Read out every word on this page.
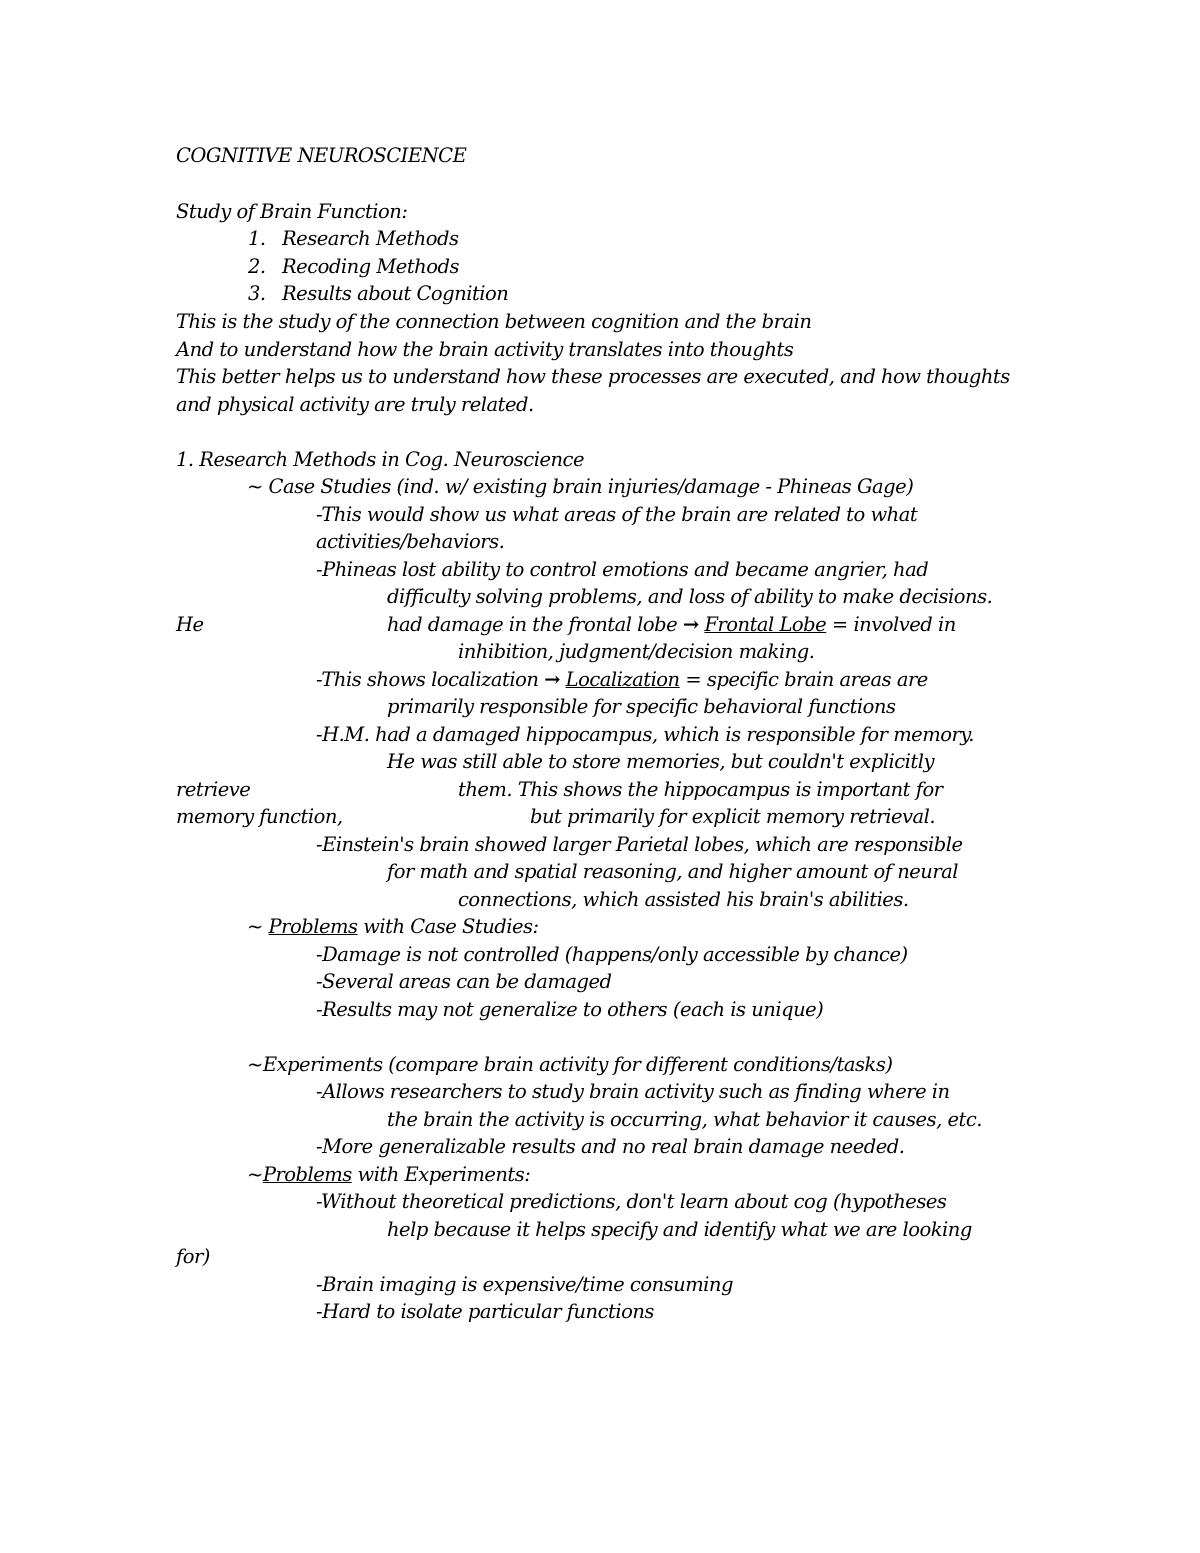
COGNITIVE NEUROSCIENCE
Study of Brain Function:
1. Research Methods
2. Recoding Methods
3. Results about Cognition
This is the study of the connection between cognition and the brain
And to understand how the brain activity translates into thoughts
This better helps us to understand how these processes are executed, and how thoughts
and physical activity are truly related.
1. Research Methods in Cog. Neuroscience
~ Case Studies (ind. w/ existing brain injuries/damage - Phineas Gage)
-This would show us what areas of the brain are related to what
activities/behaviors.
-Phineas lost ability to control emotions and became angrier, had
difficulty solving problems, and loss of ability to make decisions.
He	had damage in the frontal lobe → Frontal Lobe = involved in
inhibition, judgment/decision making.
-This shows localization → Localization = specific brain areas are
primarily responsible for specific behavioral functions
-H.M. had a damaged hippocampus, which is responsible for memory.
He was still able to store memories, but couldn't explicitly
retrieve	them. This shows the hippocampus is important for
memory function,	but primarily for explicit memory retrieval.
-Einstein's brain showed larger Parietal lobes, which are responsible
for math and spatial reasoning, and higher amount of neural
connections, which assisted his brain's abilities.
~ Problems with Case Studies:
-Damage is not controlled (happens/only accessible by chance)
-Several areas can be damaged
-Results may not generalize to others (each is unique)
~Experiments (compare brain activity for different conditions/tasks)
-Allows researchers to study brain activity such as finding where in
the brain the activity is occurring, what behavior it causes, etc.
-More generalizable results and no real brain damage needed.
~Problems with Experiments:
-Without theoretical predictions, don't learn about cog (hypotheses
help because it helps specify and identify what we are looking
for)
-Brain imaging is expensive/time consuming
-Hard to isolate particular functions
